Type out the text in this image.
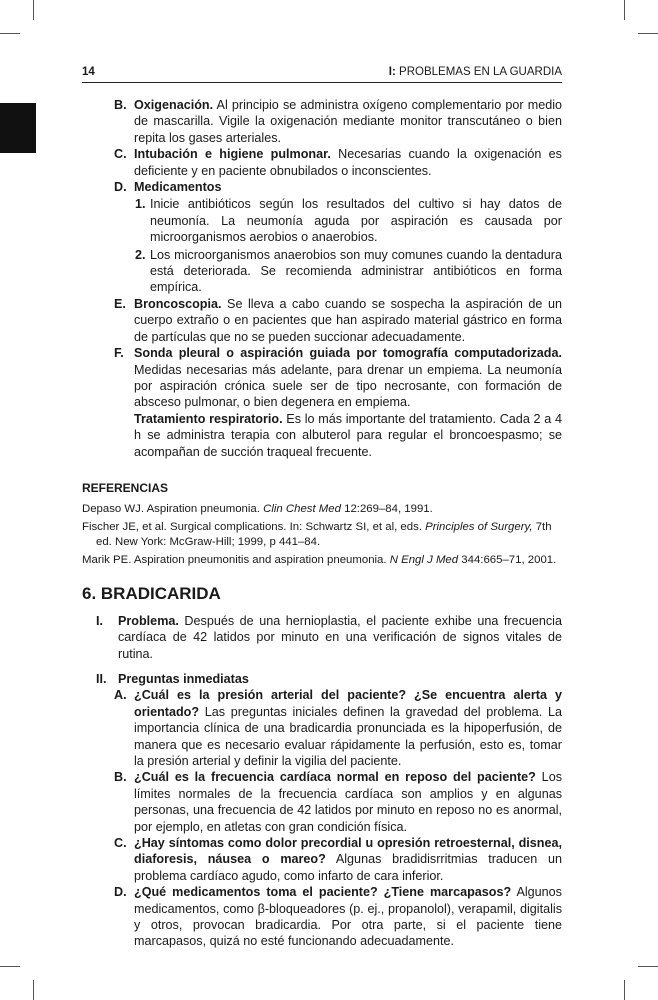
14	I: PROBLEMAS EN LA GUARDIA
B. Oxigenación. Al principio se administra oxígeno complementario por medio de mascarilla. Vigile la oxigenación mediante monitor transcutáneo o bien repita los gases arteriales.
C. Intubación e higiene pulmonar. Necesarias cuando la oxigenación es deficiente y en paciente obnubilados o inconscientes.
D. Medicamentos
1. Inicie antibióticos según los resultados del cultivo si hay datos de neumonía. La neumonía aguda por aspiración es causada por microorganismos aerobios o anaerobios.
2. Los microorganismos anaerobios son muy comunes cuando la dentadura está deteriorada. Se recomienda administrar antibióticos en forma empírica.
E. Broncoscopia. Se lleva a cabo cuando se sospecha la aspiración de un cuerpo extraño o en pacientes que han aspirado material gástrico en forma de partículas que no se pueden succionar adecuadamente.
F. Sonda pleural o aspiración guiada por tomografía computadorizada. Medidas necesarias más adelante, para drenar un empiema. La neumonía por aspiración crónica suele ser de tipo necrosante, con formación de absceso pulmonar, o bien degenera en empiema.
Tratamiento respiratorio. Es lo más importante del tratamiento. Cada 2 a 4 h se administra terapia con albuterol para regular el broncoespasmo; se acompañan de succión traqueal frecuente.
REFERENCIAS
Depaso WJ. Aspiration pneumonia. Clin Chest Med 12:269–84, 1991.
Fischer JE, et al. Surgical complications. In: Schwartz SI, et al, eds. Principles of Surgery, 7th ed. New York: McGraw-Hill; 1999, p 441–84.
Marik PE. Aspiration pneumonitis and aspiration pneumonia. N Engl J Med 344:665–71, 2001.
6. BRADICARIDA
I. Problema. Después de una hernioplastia, el paciente exhibe una frecuencia cardíaca de 42 latidos por minuto en una verificación de signos vitales de rutina.
II. Preguntas inmediatas
A. ¿Cuál es la presión arterial del paciente? ¿Se encuentra alerta y orientado? Las preguntas iniciales definen la gravedad del problema. La importancia clínica de una bradicardia pronunciada es la hipoperfusión, de manera que es necesario evaluar rápidamente la perfusión, esto es, tomar la presión arterial y definir la vigilia del paciente.
B. ¿Cuál es la frecuencia cardíaca normal en reposo del paciente? Los límites normales de la frecuencia cardíaca son amplios y en algunas personas, una frecuencia de 42 latidos por minuto en reposo no es anormal, por ejemplo, en atletas con gran condición física.
C. ¿Hay síntomas como dolor precordial u opresión retroesternal, disnea, diaforesis, náusea o mareo? Algunas bradidisrritmias traducen un problema cardíaco agudo, como infarto de cara inferior.
D. ¿Qué medicamentos toma el paciente? ¿Tiene marcapasos? Algunos medicamentos, como β-bloqueadores (p. ej., propanolol), verapamil, digitalis y otros, provocan bradicardia. Por otra parte, si el paciente tiene marcapasos, quizá no esté funcionando adecuadamente.
